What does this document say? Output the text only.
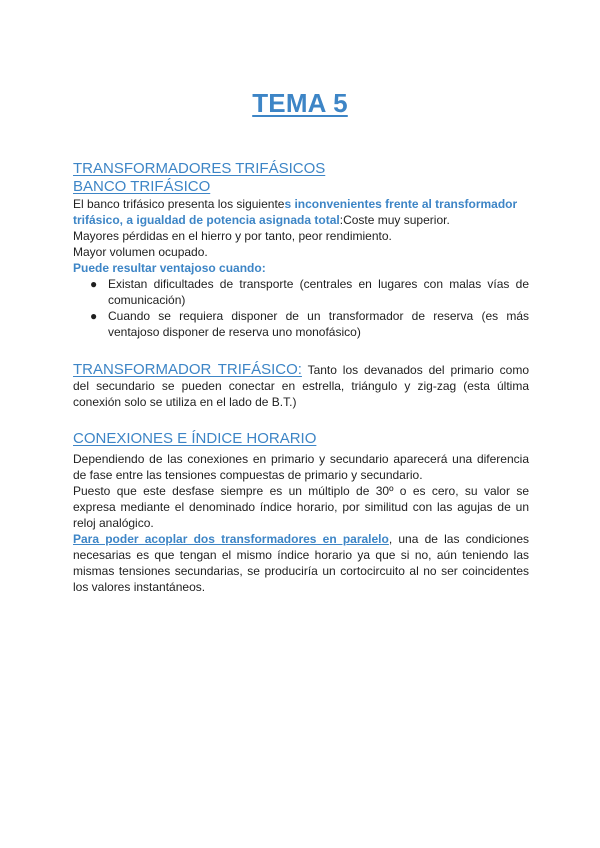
TEMA 5

TRANSFORMADORES TRIFÁSICOS

BANCO TRIFÁSICO

El banco trifásico presenta los siguientes inconvenientes frente al transformador trifásico, a igualdad de potencia asignada total:Coste muy superior.

Mayores pérdidas en el hierro y por tanto, peor rendimiento.

Mayor volumen ocupado.

Puede resultar ventajoso cuando:

● Existan dificultades de transporte (centrales en lugares con malas vías de comunicación)
● Cuando se requiera disponer de un transformador de reserva (es más ventajoso disponer de reserva uno monofásico)

TRANSFORMADOR TRIFÁSICO: Tanto los devanados del primario como del secundario se pueden conectar en estrella, triángulo y zig-zag (esta última conexión solo se utiliza en el lado de B.T.)

CONEXIONES E ÍNDICE HORARIO

Dependiendo de las conexiones en primario y secundario aparecerá una diferencia de fase entre las tensiones compuestas de primario y secundario.

Puesto que este desfase siempre es un múltiplo de 30º o es cero, su valor se expresa mediante el denominado índice horario, por similitud con las agujas de un reloj analógico.

Para poder acoplar dos transformadores en paralelo, una de las condiciones necesarias es que tengan el mismo índice horario ya que si no, aún teniendo las mismas tensiones secundarias, se produciría un cortocircuito al no ser coincidentes los valores instantáneos.
